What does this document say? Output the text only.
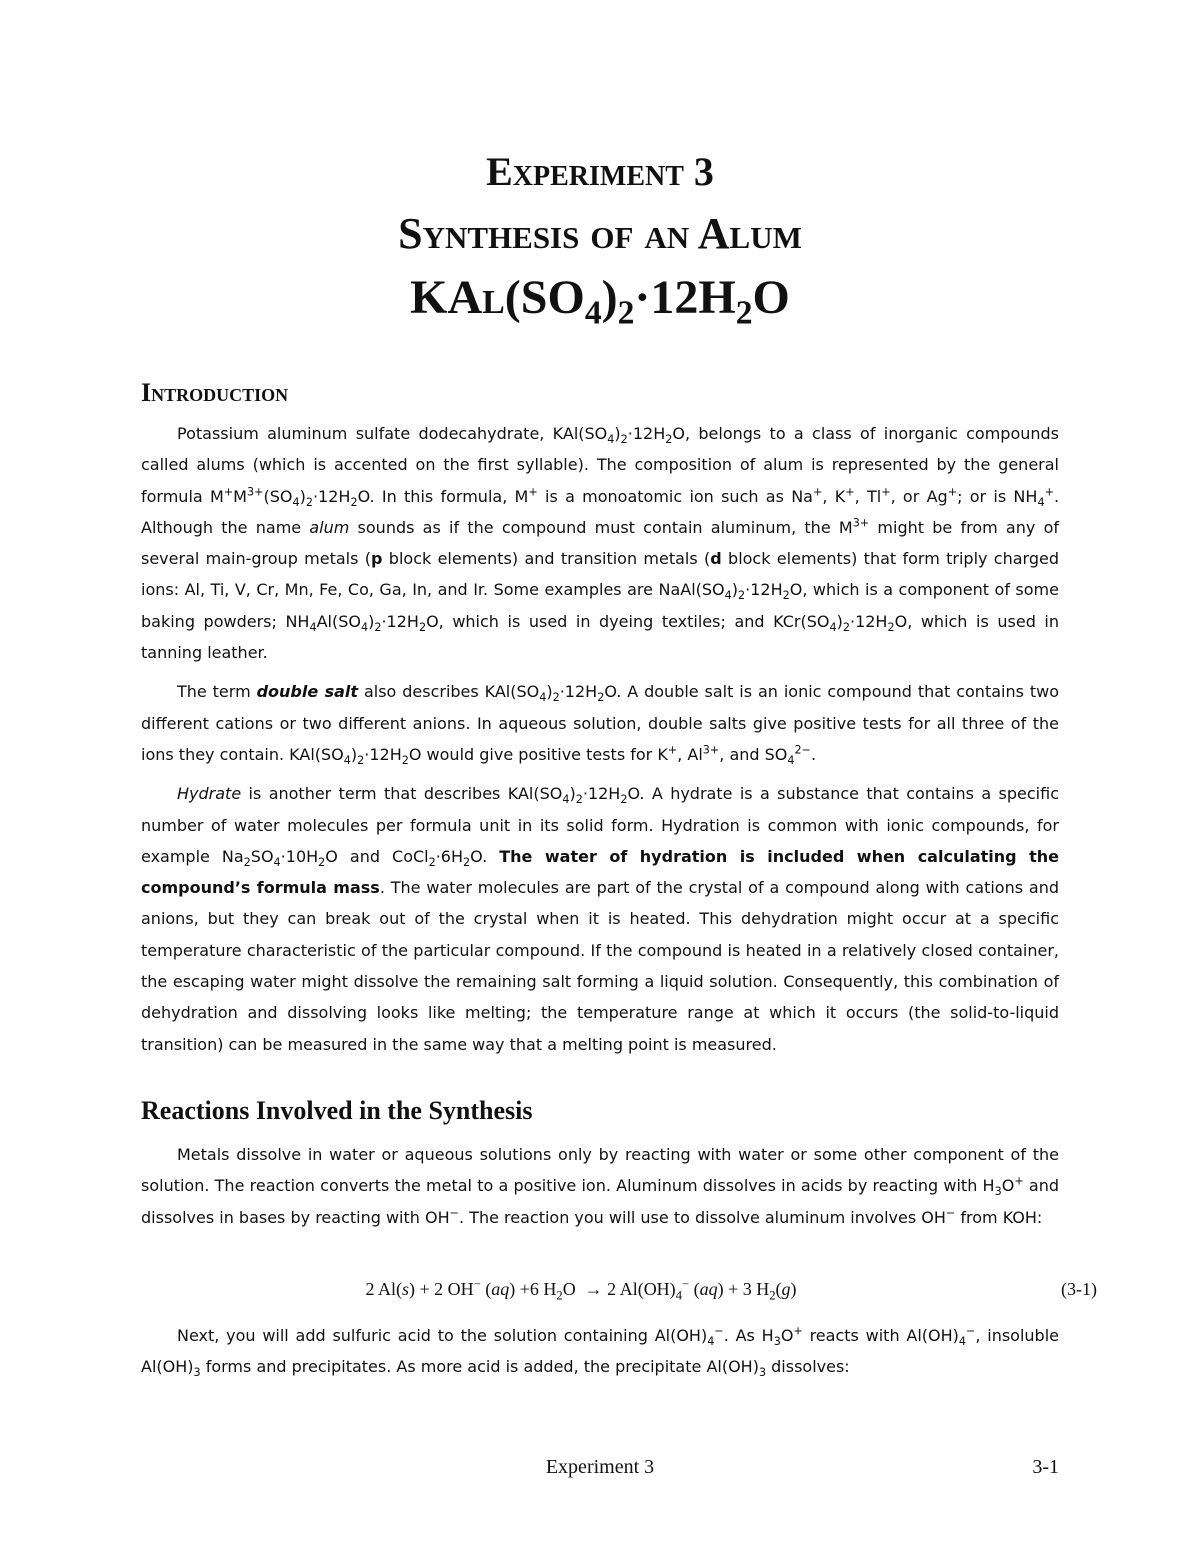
Experiment 3
Synthesis of an Alum
$KAl(SO_4)_2\cdot 12H_2O$
Introduction

Potassium aluminum sulfate dodecahydrate, $KAl(SO_4)_2\cdot 12H_2O$, belongs to a class of inorganic compounds called alums (which is accented on the first syllable). The composition of alum is represented by the general formula $M^+M^{3+}(SO_4)_2\cdot 12H_2O$. In this formula, M+ is a monoatomic ion such as Na+, K+, Tl+, or Ag+; or is $NH_4^+$. Although the name alum sounds as if the compound must contain aluminum, the $M^{3+}$ might be from any of several main-group metals (p block elements) and transition metals (d block elements) that form triply charged ions: Al, Ti, V, Cr, Mn, Fe, Co, Ga, In, and Ir. Some examples are $NaAl(SO_4)_2\cdot 12H_2O$, which is a component of some baking powders; $NH_4Al(SO_4)_2\cdot 12H_2O$, which is used in dyeing textiles; and $KCr(SO_4)_2\cdot 12H_2O$, which is used in tanning leather.

The term double salt also describes $KAl(SO_4)_2\cdot 12H_2O$. A double salt is an ionic compound that contains two different cations or two different anions. In aqueous solution, double salts give positive tests for all three of the ions they contain. $KAl(SO_4)_2\cdot 12H_2O$ would give positive tests for K+, $Al^{3+}$, and $SO_4^{2-}$.

Hydrate is another term that describes $KAl(SO_4)_2\cdot 12H_2O$. A hydrate is a substance that contains a specific number of water molecules per formula unit in its solid form. Hydration is common with ionic compounds, for example $Na_2SO_4\cdot 10H_2O$ and $CoCl_2\cdot 6H_2O$. The water of hydration is included when calculating the compound’s formula mass. The water molecules are part of the crystal of a compound along with cations and anions, but they can break out of the crystal when it is heated. This dehydration might occur at a specific temperature characteristic of the particular compound. If the compound is heated in a relatively closed container, the escaping water might dissolve the remaining salt forming a liquid solution. Consequently, this combination of dehydration and dissolving looks like melting; the temperature range at which it occurs (the solid-to-liquid transition) can be measured in the same way that a melting point is measured.

Reactions Involved in the Synthesis

Metals dissolve in water or aqueous solutions only by reacting with water or some other component of the solution. The reaction converts the metal to a positive ion. Aluminum dissolves in acids by reacting with $H_3O^+$ and dissolves in bases by reacting with OH−. The reaction you will use to dissolve aluminum involves OH− from KOH:

2 Al(s) + 2 OH− (aq) +6 $H_2O \to 2$ $Al(OH)_4^-$ (aq) + 3 $H_2(g)$	(3-1)

Next, you will add sulfuric acid to the solution containing $Al(OH)_4^-$. As $H_3O^+$ reacts with $Al(OH)_4^-$, insoluble $Al(OH)_3$ forms and precipitates. As more acid is added, the precipitate $Al(OH)_3$ dissolves:

Experiment 3	3-1
